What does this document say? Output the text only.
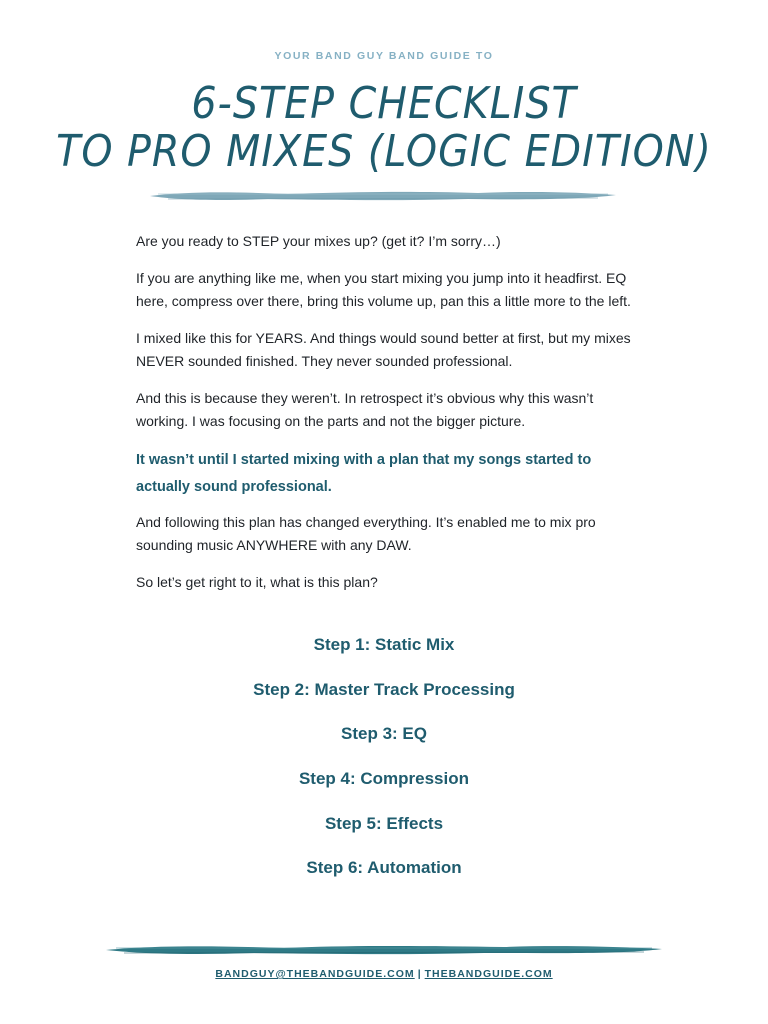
YOUR BAND GUY BAND GUIDE TO
6-STEP CHECKLIST
TO PRO MIXES (LOGIC EDITION)

Are you ready to STEP your mixes up? (get it? I’m sorry…)

If you are anything like me, when you start mixing you jump into it headfirst. EQ here, compress over there, bring this volume up, pan this a little more to the left.

I mixed like this for YEARS. And things would sound better at first, but my mixes NEVER sounded finished. They never sounded professional.

And this is because they weren’t. In retrospect it’s obvious why this wasn’t working. I was focusing on the parts and not the bigger picture.

It wasn’t until I started mixing with a plan that my songs started to actually sound professional.

And following this plan has changed everything. It’s enabled me to mix pro sounding music ANYWHERE with any DAW.

So let’s get right to it, what is this plan?

Step 1: Static Mix
Step 2: Master Track Processing
Step 3: EQ
Step 4: Compression
Step 5: Effects
Step 6: Automation
BANDGUY@THEBANDGUIDE.COM | THEBANDGUIDE.COM
